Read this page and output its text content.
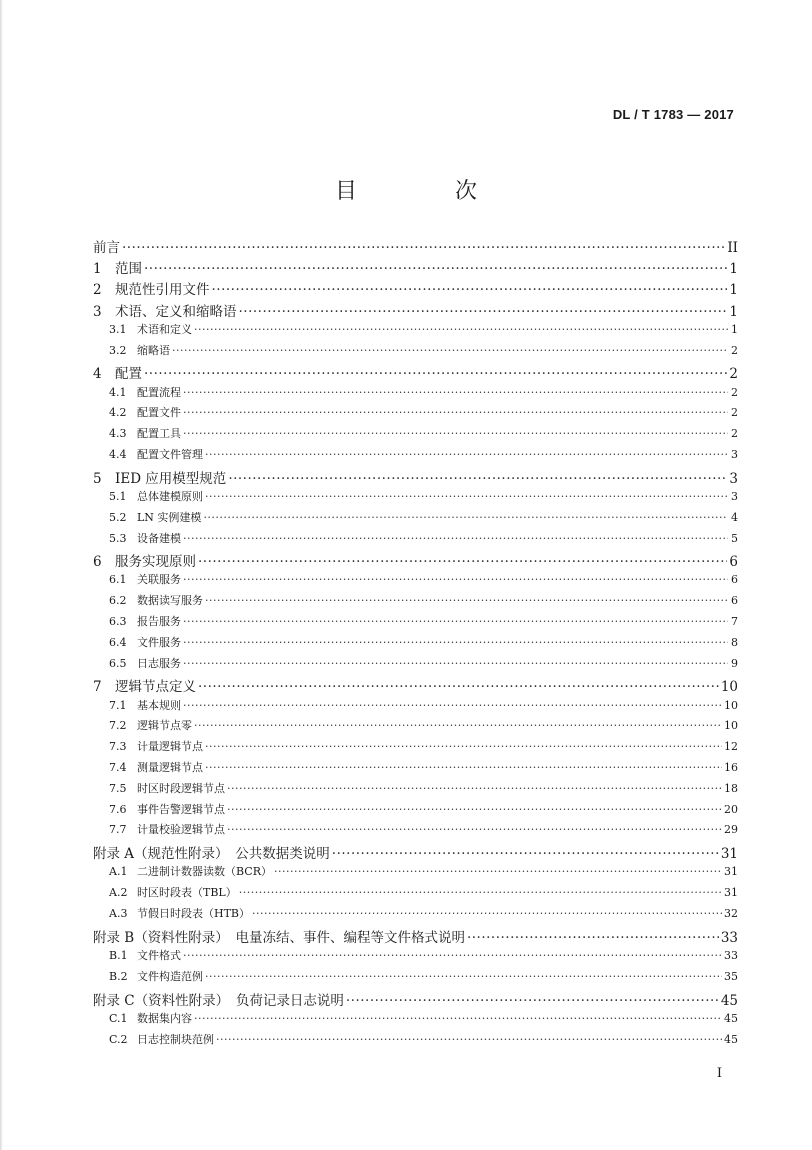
DL / T 1783 — 2017
目　次
前言 ·····	II
1 范围 ·····	1
2 规范性引用文件 ·····	1
3 术语、定义和缩略语 ·····	1
3.1 术语和定义 ·····	1
3.2 缩略语 ·····	2
4 配置 ·····	2
4.1 配置流程 ·····	2
4.2 配置文件 ·····	2
4.3 配置工具 ·····	2
4.4 配置文件管理 ·····	3
5 IED 应用模型规范 ·····	3
5.1 总体建模原则 ·····	3
5.2 LN 实例建模 ·····	4
5.3 设备建模 ·····	5
6 服务实现原则 ·····	6
6.1 关联服务 ·····	6
6.2 数据读写服务 ·····	6
6.3 报告服务 ·····	7
6.4 文件服务 ·····	8
6.5 日志服务 ·····	9
7 逻辑节点定义 ·····	10
7.1 基本规则 ·····	10
7.2 逻辑节点零 ·····	10
7.3 计量逻辑节点 ·····	12
7.4 测量逻辑节点 ·····	16
7.5 时区时段逻辑节点 ·····	18
7.6 事件告警逻辑节点 ·····	20
7.7 计量校验逻辑节点 ·····	29
附录 A（规范性附录）　公共数据类说明 ·····	31
A.1 二进制计数器读数（BCR） ·····	31
A.2 时区时段表（TBL） ·····	31
A.3 节假日时段表（HTB） ·····	32
附录 B（资料性附录）　电量冻结、事件、编程等文件格式说明 ·····	33
B.1 文件格式 ·····	33
B.2 文件构造范例 ·····	35
附录 C（资料性附录）　负荷记录日志说明 ·····	45
C.1 数据集内容 ·····	45
C.2 日志控制块范例 ·····	45
I
